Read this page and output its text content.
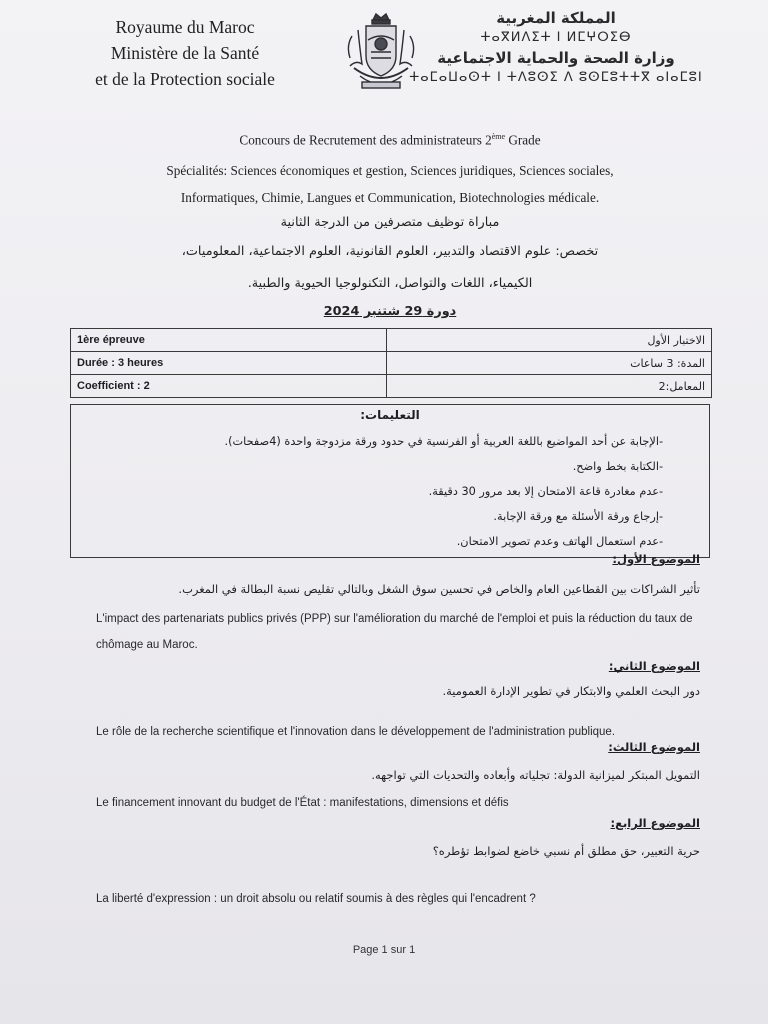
Royaume du Maroc
Ministère de la Santé
et de la Protection sociale
المملكة المغربية
ⵜⴰⴳⵍⴷⵉⵜ ⵏ ⵍⵎⵖⵔⵉⴱ
وزارة الصحة والحماية الاجتماعية
ⵜⴰⵎⴰⵡⴰⵙⵜ ⵏ ⵜⴷⵓⵙⵉ ⴷ ⵓⵙⵎⵓⵜⵜⴳ ⴰⵏⴰⵎⵓⵏ
Concours de Recrutement des administrateurs 2ème Grade
Spécialités: Sciences économiques et gestion, Sciences juridiques, Sciences sociales,
Informatiques, Chimie, Langues et Communication, Biotechnologies médicale.
مباراة توظيف متصرفين من الدرجة الثانية
تخصص: علوم الاقتصاد والتدبير، العلوم القانونية، العلوم الاجتماعية، المعلوميات،
الكيمياء، اللغات والتواصل، التكنولوجيا الحيوية والطبية.
دورة 29 شتنبر 2024
1ère épreuve	الاختبار الأول
Durée : 3 heures	المدة: 3 ساعات
Coefficient : 2	المعامل:2
التعليمات:
-الإجابة عن أحد المواضيع باللغة العربية أو الفرنسية في حدود ورقة مزدوجة واحدة (4صفحات).
-الكتابة بخط واضح.
-عدم مغادرة قاعة الامتحان إلا بعد مرور 30 دقيقة.
-إرجاع ورقة الأسئلة مع ورقة الإجابة.
-عدم استعمال الهاتف وعدم تصوير الامتحان.
الموضوع الأول:
تأثير الشراكات بين القطاعين العام والخاص في تحسين سوق الشغل وبالتالي تقليص نسبة البطالة في المغرب.
L'impact des partenariats publics privés (PPP) sur l'amélioration du marché de l'emploi et puis la réduction du taux de chômage au Maroc.
الموضوع الثاني:
دور البحث العلمي والابتكار في تطوير الإدارة العمومية.
Le rôle de la recherche scientifique et l'innovation dans le développement de l'administration publique.
الموضوع الثالث:
التمويل المبتكر لميزانية الدولة: تجلياته وأبعاده والتحديات التي تواجهه.
Le financement innovant du budget de l'État : manifestations, dimensions et défis
الموضوع الرابع:
حرية التعبير، حق مطلق أم نسبي خاضع لضوابط تؤطره؟
La liberté d'expression : un droit absolu ou relatif soumis à des règles qui l'encadrent ?
Page 1 sur 1
